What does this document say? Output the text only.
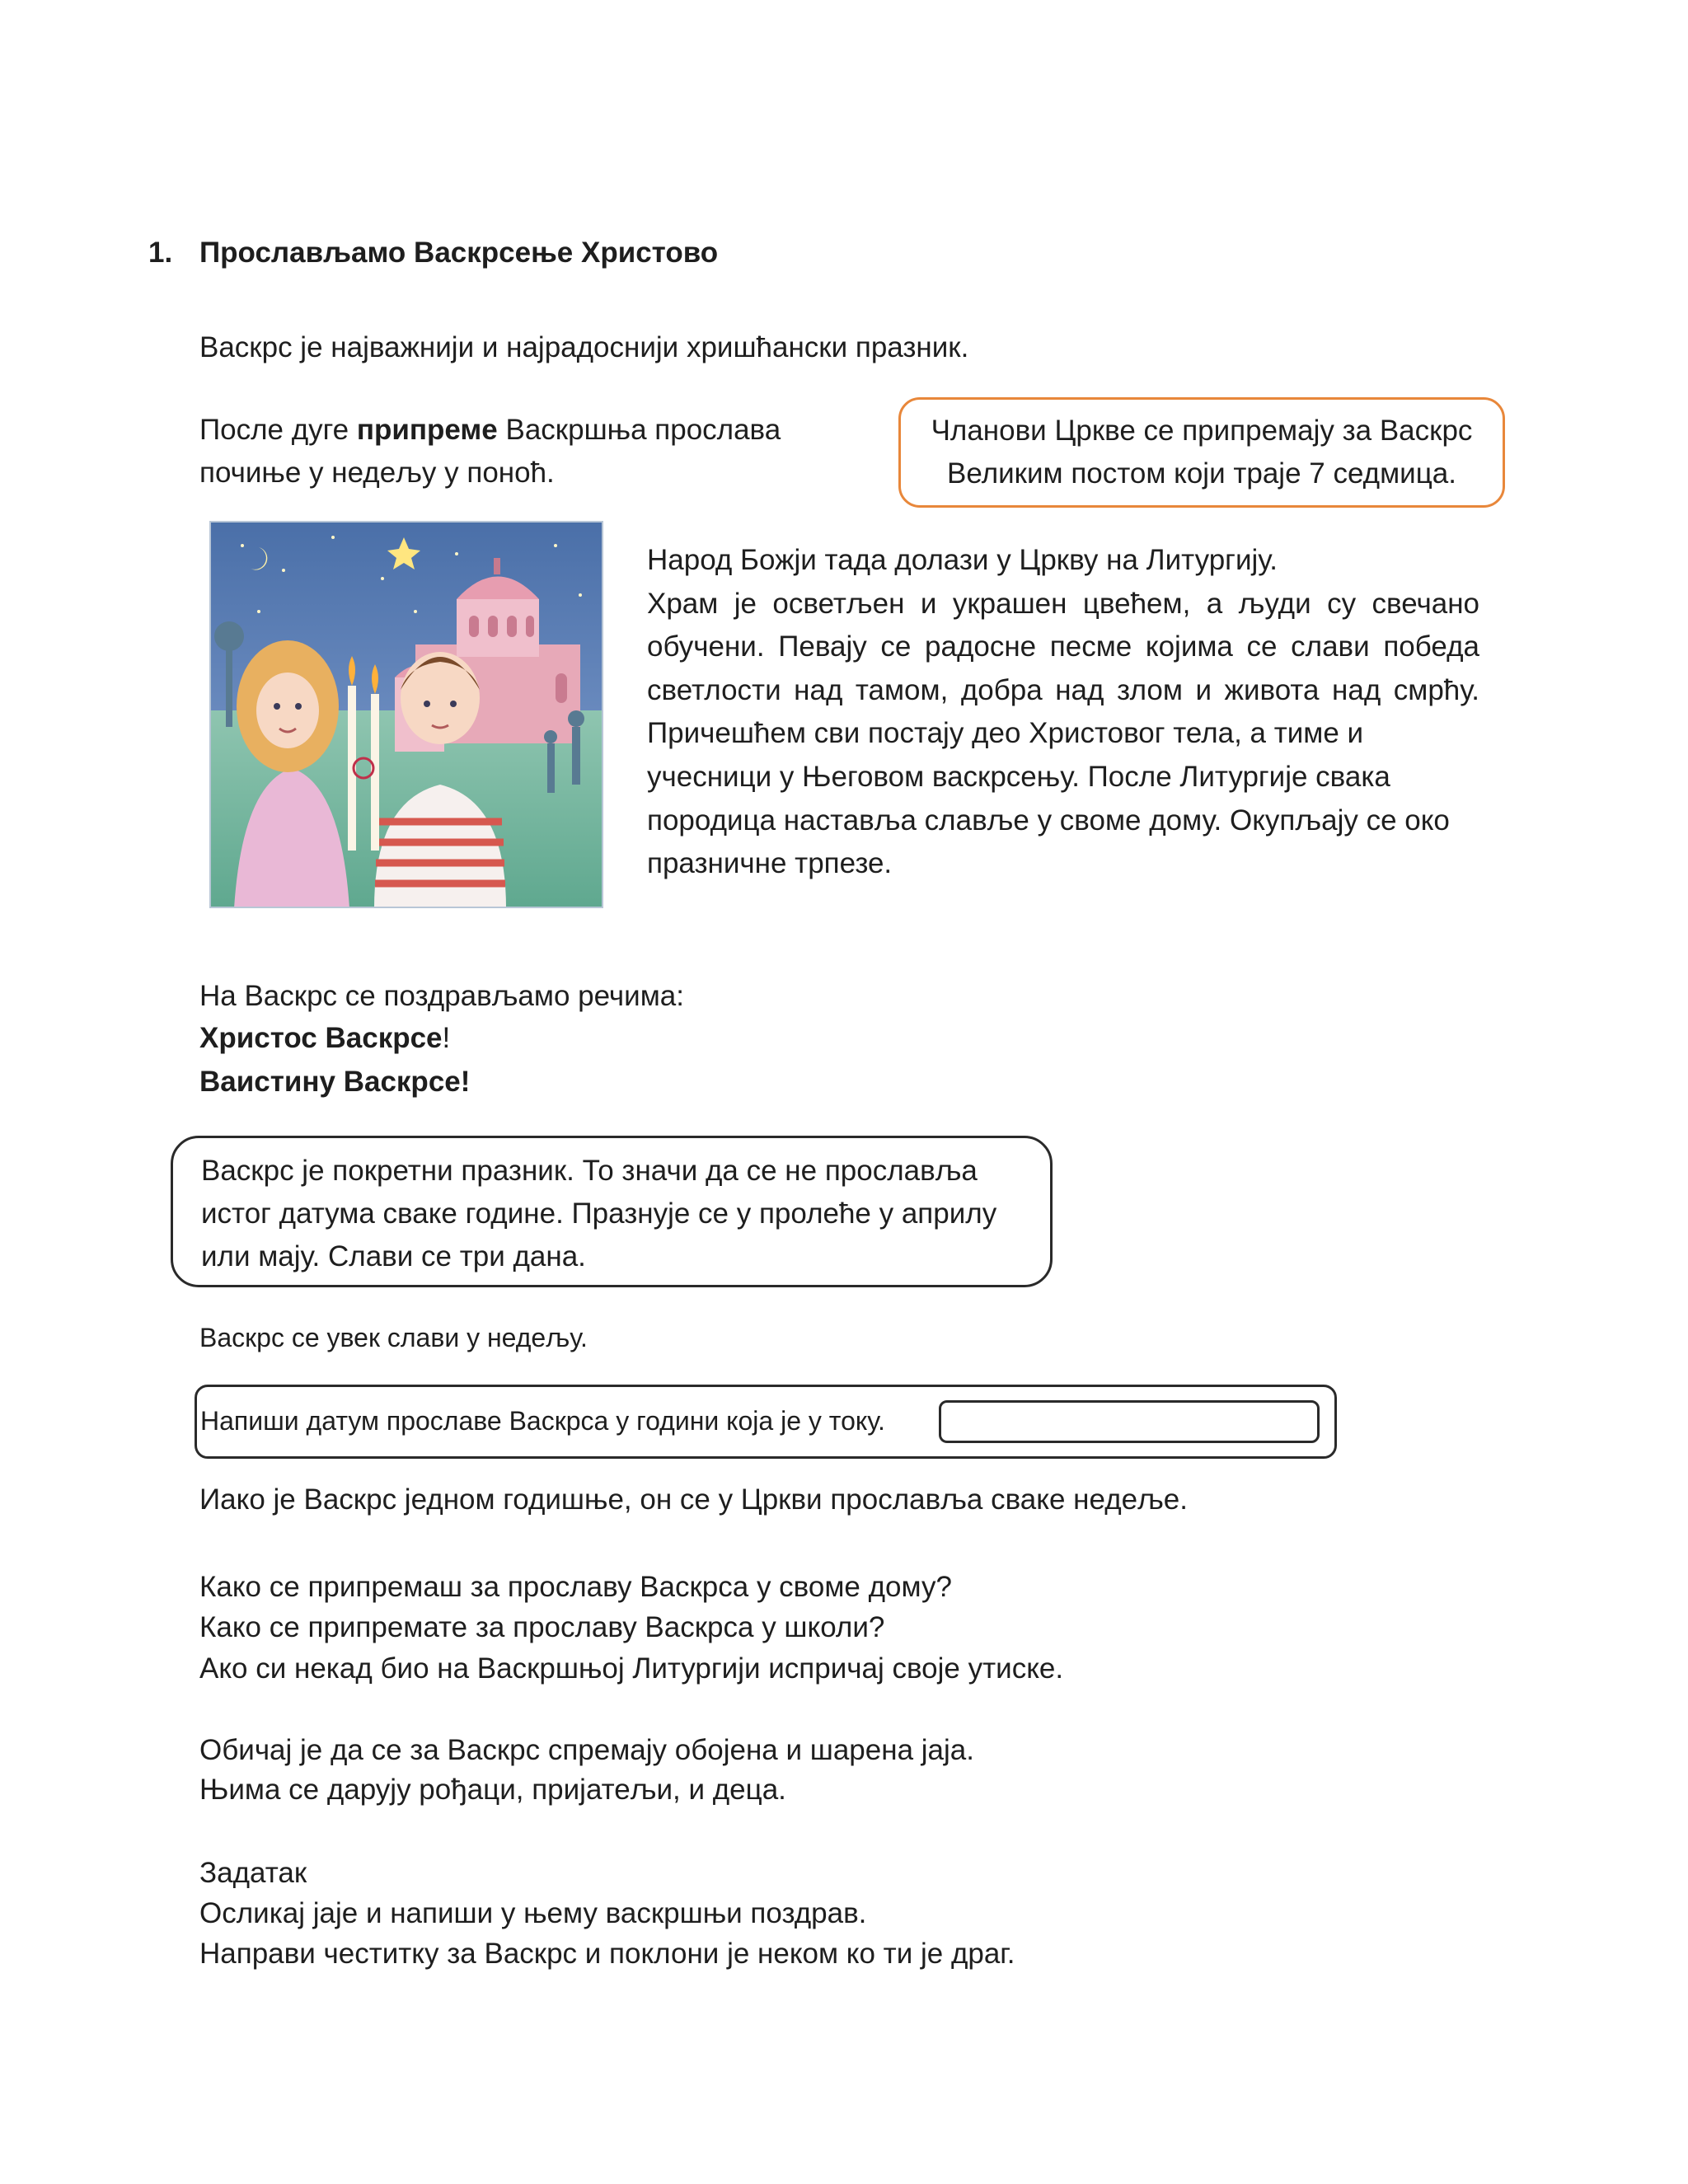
1. Прослављамо Васкрсење Христово
Васкрс је најважнији и најрадоснији хришћански празник.
После дуге припреме Васкршња прослава
почиње у недељу у поноћ.
Чланови Цркве се припремају за Васкрс
Великим постом који траје 7 седмица.
Народ Божји тада долази у Цркву на Литургију.
Храм је осветљен и украшен цвећем, а људи су свечано
обучени. Певају се радосне песме којима се слави победа
светлости над тамом, добра над злом и живота над смрћу.
Причешћем сви постају део Христовог тела, а тиме и
учесници у Његовом васкрсењу. После Литургије свака
породица наставља славље у своме дому. Окупљају се око
празничне трпезе.
На Васкрс се поздрављамо речима:
Христос Васкрсе!
Ваистину Васкрсе!
Васкрс је покретни празник. То значи да се не прославља
истог датума сваке године. Празнује се у пролеће у априлу
или мају. Слави се три дана.
Васкрс се увек слави у недељу.
Напиши датум прославе Васкрса у години која је у току.
Иако је Васкрс једном годишње, он се у Цркви прославља сваке недеље.
Како се припремаш за прославу Васкрса у своме дому?
Како се припремате за прославу Васкрса у школи?
Ако си некад био на Васкршњој Литургији испричај своје утиске.
Обичај је да се за Васкрс спремају обојена и шарена јаја.
Њима се дарују рођаци, пријатељи, и деца.
Задатак
Осликај јаје и напиши у њему васкршњи поздрав.
Направи честитку за Васкрс и поклони је неком ко ти је драг.
